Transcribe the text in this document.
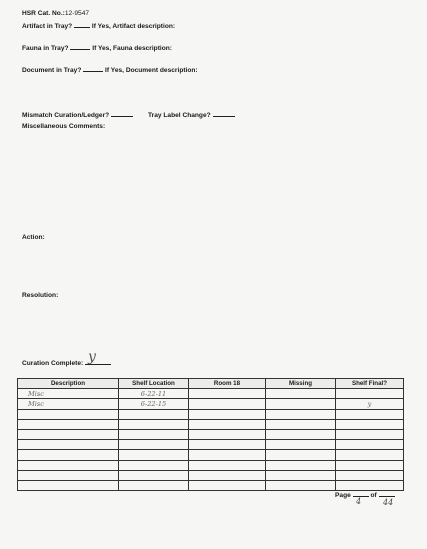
HSR Cat. No.:12-9547
Artifact in Tray?	If Yes, Artifact description:
Fauna in Tray?	If Yes, Fauna description:
Document in Tray?	If Yes, Document description:
Mismatch Curation/Ledger?	Tray Label Change?
Miscellaneous Comments:
Action:
Resolution:
Curation Complete: y
Description	Shelf Location	Room 18	Missing	Shelf Final?
Misc	6-22-11			
Misc	6-22-15			y

Page	of
4	44
